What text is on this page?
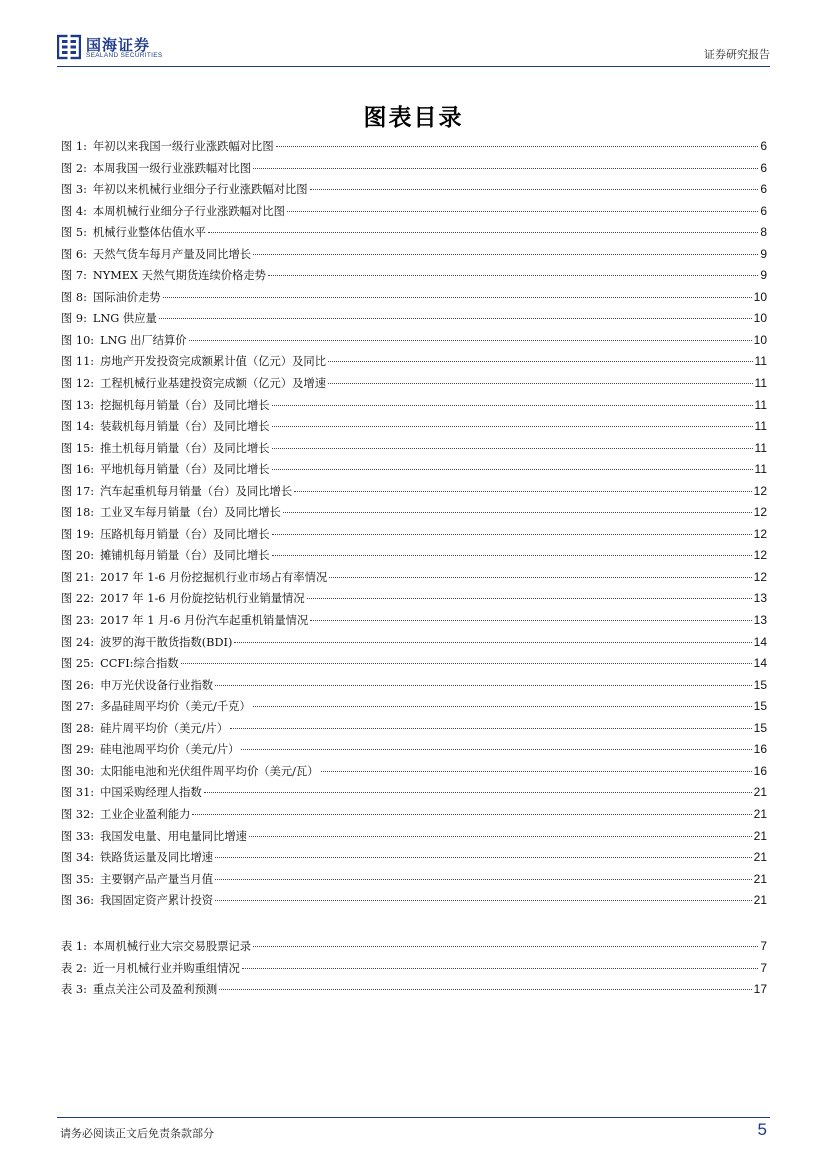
国海证券
SEALAND SECURITIES	证券研究报告
图表目录
图 1: 年初以来我国一级行业涨跌幅对比图	6
图 2: 本周我国一级行业涨跌幅对比图	6
图 3: 年初以来机械行业细分子行业涨跌幅对比图	6
图 4: 本周机械行业细分子行业涨跌幅对比图	6
图 5: 机械行业整体估值水平	8
图 6: 天然气货车每月产量及同比增长	9
图 7: NYMEX 天然气期货连续价格走势	9
图 8: 国际油价走势	10
图 9: LNG 供应量	10
图 10: LNG 出厂结算价	10
图 11: 房地产开发投资完成额累计值（亿元）及同比	11
图 12: 工程机械行业基建投资完成额（亿元）及增速	11
图 13: 挖掘机每月销量（台）及同比增长	11
图 14: 装载机每月销量（台）及同比增长	11
图 15: 推土机每月销量（台）及同比增长	11
图 16: 平地机每月销量（台）及同比增长	11
图 17: 汽车起重机每月销量（台）及同比增长	12
图 18: 工业叉车每月销量（台）及同比增长	12
图 19: 压路机每月销量（台）及同比增长	12
图 20: 摊铺机每月销量（台）及同比增长	12
图 21: 2017 年 1-6 月份挖掘机行业市场占有率情况	12
图 22: 2017 年 1-6 月份旋挖钻机行业销量情况	13
图 23: 2017 年 1 月-6 月份汽车起重机销量情况	13
图 24: 波罗的海干散货指数(BDI)	14
图 25: CCFI:综合指数	14
图 26: 申万光伏设备行业指数	15
图 27: 多晶硅周平均价（美元/千克）	15
图 28: 硅片周平均价（美元/片）	15
图 29: 硅电池周平均价（美元/片）	16
图 30: 太阳能电池和光伏组件周平均价（美元/瓦）	16
图 31: 中国采购经理人指数	21
图 32: 工业企业盈利能力	21
图 33: 我国发电量、用电量同比增速	21
图 34: 铁路货运量及同比增速	21
图 35: 主要钢产品产量当月值	21
图 36: 我国固定资产累计投资	21
表 1: 本周机械行业大宗交易股票记录	7
表 2: 近一月机械行业并购重组情况	7
表 3: 重点关注公司及盈利预测	17
请务必阅读正文后免责条款部分	5
